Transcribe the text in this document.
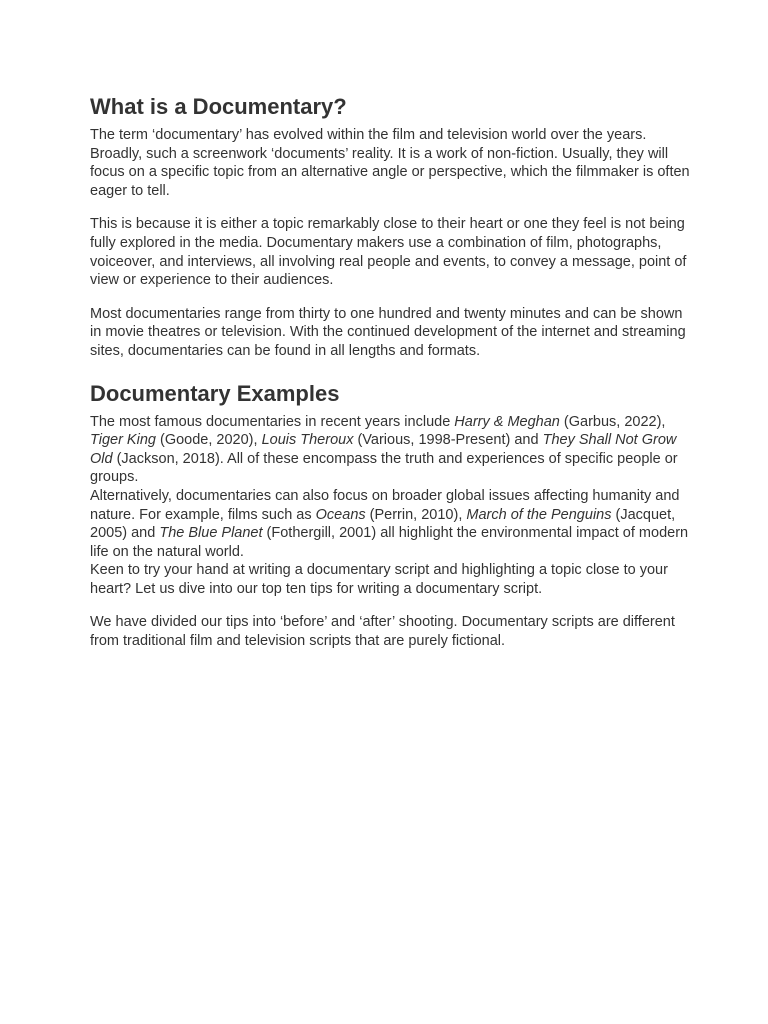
What is a Documentary?

The term ‘documentary’ has evolved within the film and television world over the years. Broadly, such a screenwork ‘documents’ reality. It is a work of non-fiction. Usually, they will focus on a specific topic from an alternative angle or perspective, which the filmmaker is often eager to tell.

This is because it is either a topic remarkably close to their heart or one they feel is not being fully explored in the media. Documentary makers use a combination of film, photographs, voiceover, and interviews, all involving real people and events, to convey a message, point of view or experience to their audiences.

Most documentaries range from thirty to one hundred and twenty minutes and can be shown in movie theatres or television. With the continued development of the internet and streaming sites, documentaries can be found in all lengths and formats.

Documentary Examples

The most famous documentaries in recent years include Harry & Meghan (Garbus, 2022), Tiger King (Goode, 2020), Louis Theroux (Various, 1998-Present) and They Shall Not Grow Old (Jackson, 2018). All of these encompass the truth and experiences of specific people or groups.

Alternatively, documentaries can also focus on broader global issues affecting humanity and nature. For example, films such as Oceans (Perrin, 2010), March of the Penguins (Jacquet, 2005) and The Blue Planet (Fothergill, 2001) all highlight the environmental impact of modern life on the natural world.

Keen to try your hand at writing a documentary script and highlighting a topic close to your heart? Let us dive into our top ten tips for writing a documentary script.

We have divided our tips into ‘before’ and ‘after’ shooting. Documentary scripts are different from traditional film and television scripts that are purely fictional.
